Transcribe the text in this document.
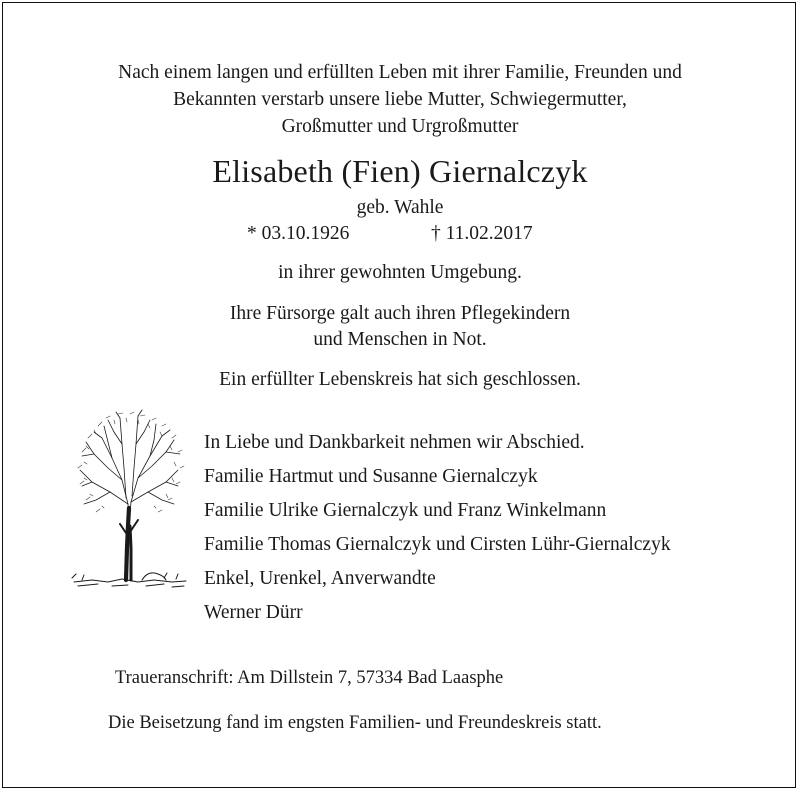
Nach einem langen und erfüllten Leben mit ihrer Familie, Freunden und
Bekannten verstarb unsere liebe Mutter, Schwiegermutter,
Großmutter und Urgroßmutter
Elisabeth (Fien) Giernalczyk
geb. Wahle
* 03.10.1926	† 11.02.2017
in ihrer gewohnten Umgebung.
Ihre Fürsorge galt auch ihren Pflegekindern
und Menschen in Not.
Ein erfüllter Lebenskreis hat sich geschlossen.
In Liebe und Dankbarkeit nehmen wir Abschied.
Familie Hartmut und Susanne Giernalczyk
Familie Ulrike Giernalczyk und Franz Winkelmann
Familie Thomas Giernalczyk und Cirsten Lühr-Giernalczyk
Enkel, Urenkel, Anverwandte
Werner Dürr
Traueranschrift: Am Dillstein 7, 57334 Bad Laasphe
Die Beisetzung fand im engsten Familien- und Freundeskreis statt.
